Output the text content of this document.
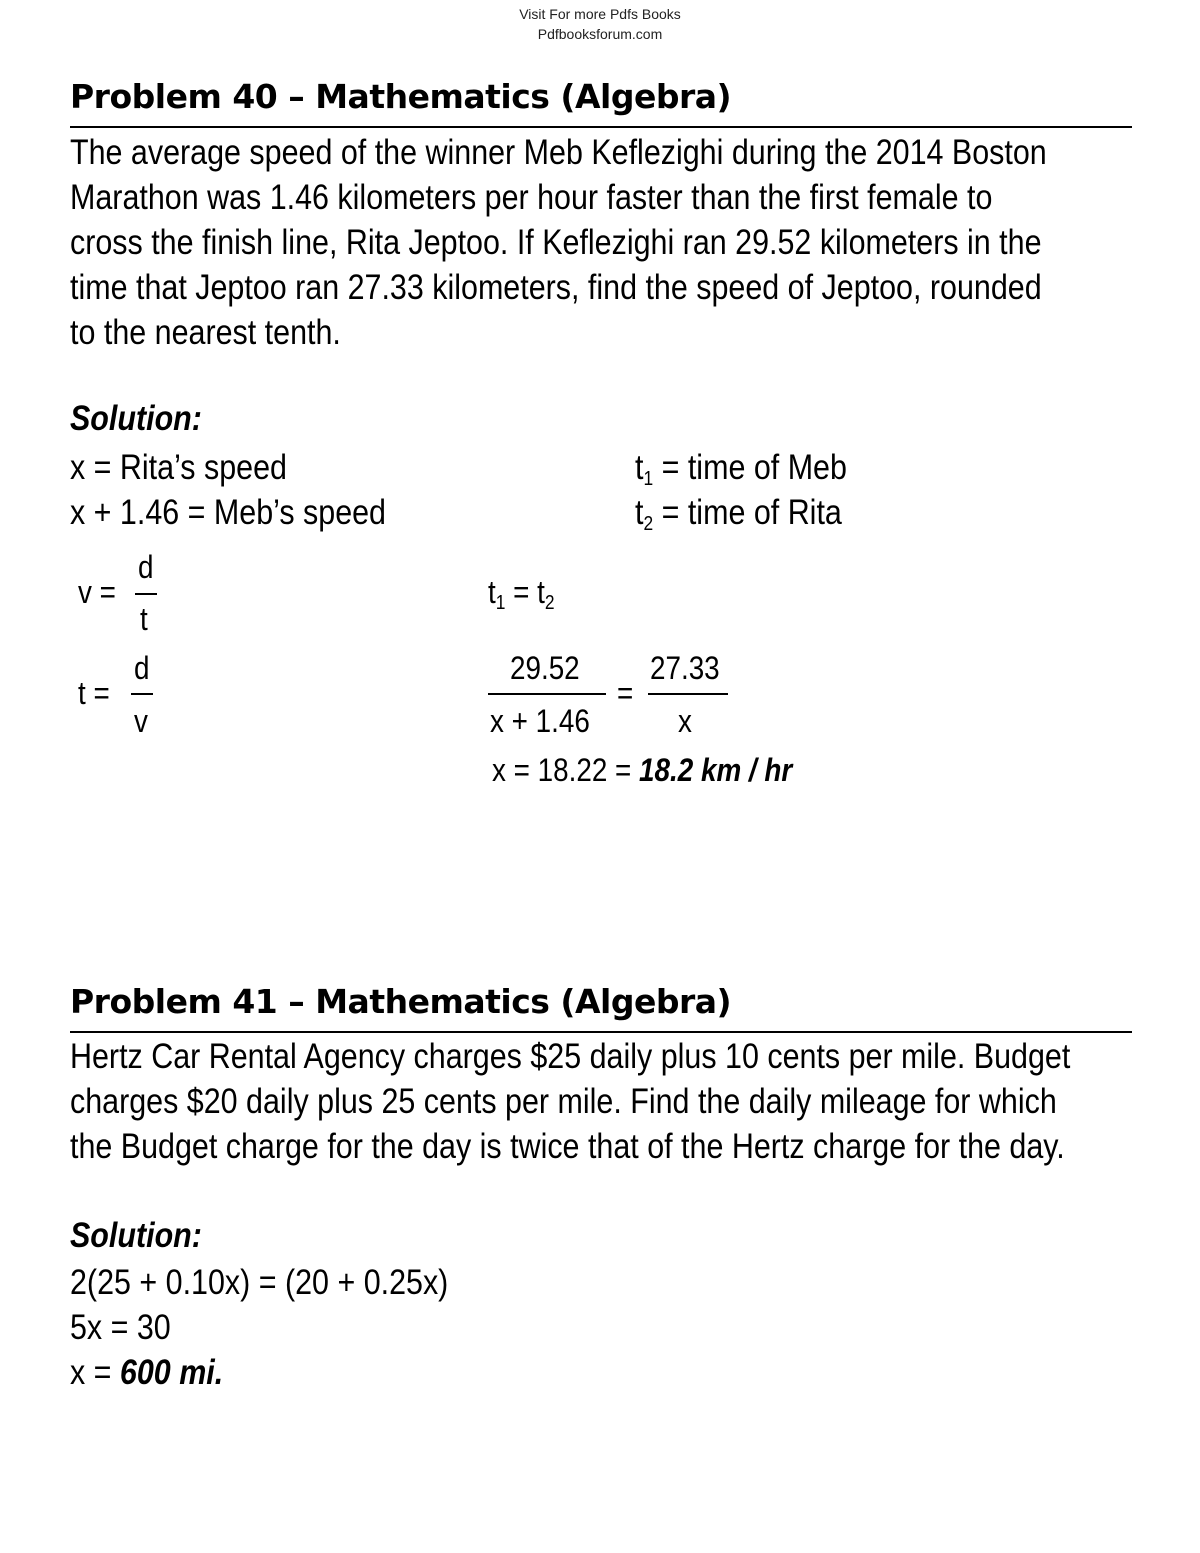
Visit For more Pdfs Books
Pdfbooksforum.com
Problem 40 – Mathematics (Algebra)
The average speed of the winner Meb Keflezighi during the 2014 Boston
Marathon was 1.46 kilometers per hour faster than the first female to
cross the finish line, Rita Jeptoo. If Keflezighi ran 29.52 kilometers in the
time that Jeptoo ran 27.33 kilometers, find the speed of Jeptoo, rounded
to the nearest tenth.
Solution:
x = Rita’s speed
x + 1.46 = Meb’s speed
$t_1$ = time of Meb
$t_2$ = time of Rita
v =
d
t
t =
d
v
$t_1 = t_2$
29.52
x + 1.46
=
27.33
x
x = 18.22 = 18.2 km / hr
Problem 41 – Mathematics (Algebra)
Hertz Car Rental Agency charges $25 daily plus 10 cents per mile. Budget
charges $20 daily plus 25 cents per mile. Find the daily mileage for which
the Budget charge for the day is twice that of the Hertz charge for the day.
Solution:
2(25 + 0.10x) = (20 + 0.25x)
5x = 30
x = 600 mi.
